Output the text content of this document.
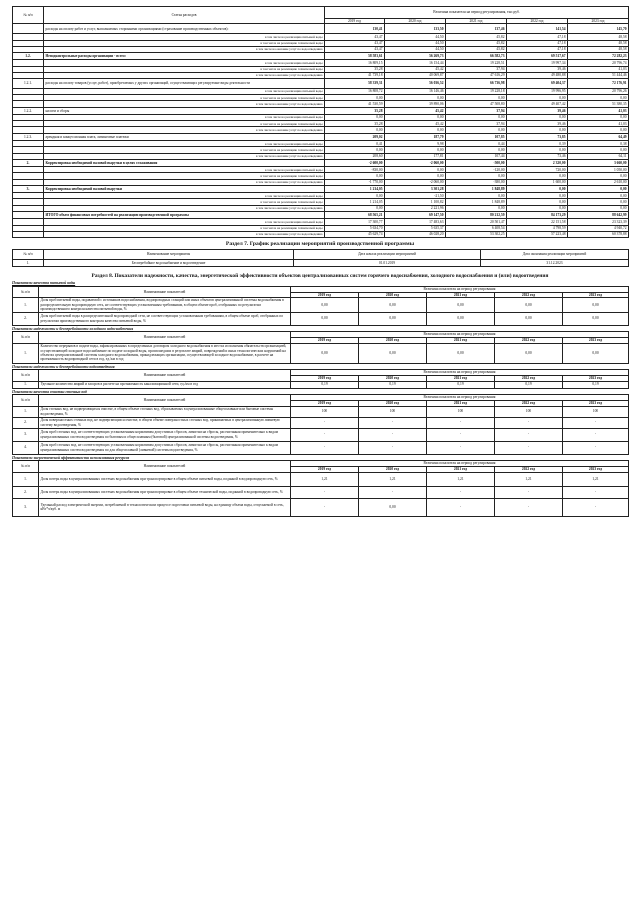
№ п/п	Статья расходов	Величина показателя на период регулирования, тыс.руб.				
		2019 год	2020 год	2021 год	2022 год	2023 год
	расходы на оплату работ и услуг, выполняемых сторонними организациями (страхование производственных объектов):	130,41	133,50	137,46	141,54	145,70
	в том числе на реализацию питьевой воды	43,47	44,50	45,82	47,18	48,58
	в том числе на реализацию технической воды	43,47	44,50	45,82	47,18	48,58
	в том числе на оказание услуг по водоотведению	43,47	44,50	45,82	47,18	48,58
1.2.	Неподконтрольные расходы организации - всего:	58 583,61	56 269,73	66 582,73	69 517,67	72 282,23
	в том числе на реализацию питьевой воды	16 809,15	16 154,44	19 228,51	19 997,34	20 796,74
	в том числе на реализацию технической воды	35,28	45,42	37,94	39,46	41,03
	в том числе на оказание услуг по водоотведению	41 739,18	40 069,87	47 616,29	49 480,88	51 444,46
1.2.1.	расходы на оплату товаров (услуг, работ), приобретаемых у других организаций, осуществляющих регулируемые виды деятельности	58 339,31	56 036,52	66 736,98	69 404,37	72 176,91
	в том числе на реализацию питьевой воды	16 808,72	16 146,46	19 228,18	19 996,95	20 796,26
	в том числе на реализацию технической воды	0,00	0,00	0,00	0,00	0,00
	в том числе на оказание услуг по водоотведению	41 530,59	39 890,06	47 508,80	49 407,42	51 380,35
1.2.2.	налоги и сборы	35,28	45,42	37,94	39,46	41,03
	в том числе на реализацию питьевой воды	0,00	0,00	0,00	0,00	0,00
	в том числе на реализацию технической воды	35,28	45,42	37,94	39,46	41,03
	в том числе на оказание услуг по водоотведению	0,00	0,00	0,00	0,00	0,00
1.2.3.	арендная и концессионная плата, лизинговые платежи	209,02	187,79	107,85	73,85	64,49
	в том числе на реализацию питьевой воды	0,41	9,98	0,44	0,39	0,38
	в том числе на реализацию технической воды	0,00	0,00	0,00	0,00	0,00
	в том числе на оказание услуг по водоотведению	208,60	177,81	107,44	73,46	64,11
2.	Корректировка необходимой валовой выручки в целях сглаживания	-2 600,00	-2 060,00	-500,00	2 320,00	3 660,00
	в том числе на реализацию питьевой воды	-830,00	0,00	-120,00	720,00	1 050,00
	в том числе на реализацию технической воды	0,00	0,00	0,00	0,00	0,00
	в том числе на оказание услуг по водоотведению	-1 770,00	-2 060,00	-380,00	1 600,00	2 610,00
3.	Корректировка необходимой валовой выручки	1 214,05	3 301,28	1 848,89	0,00	0,00
	в том числе на реализацию питьевой воды	0,00	-21,50	0,00	0,00	0,00
	в том числе на реализацию технической воды	1 214,05	1 100,82	1 848,89	0,00	0,00
	в том числе на оказание услуг по водоотведению	0,00	2 221,96	0,00	0,00	0,00
	ИТОГО объем финансовых потребностей на реализацию производственной программы	68 565,21	69 147,50	80 212,59	84 173,29	88 642,99
	в том числе на реализацию питьевой воды	17 300,77	17 483,63	20 501,47	22 151,58	23 323,39
	в том числе на реализацию технической воды	5 634,70	5 635,37	6 408,54	4 798,59	4 940,72
	в том числе на оказание услуг по водоотведению	45 629,74	46 028,20	53 302,25	57 223,48	60 378,88
Раздел 7. График реализации мероприятий производственной программы
№ п/п	Наименование мероприятия	Дата начала реализации мероприятий	Дата окончания реализации мероприятий
1.	Бесперебойное водоснабжение и водоотведение	01.01.2019	31.12.2023
Раздел 8. Показатели надежности, качества, энергетической эффективности объектов централизованных систем горячего водоснабжения, холодного водоснабжения и (или) водоотведения
Показатели качества питьевой воды
№ п/п	Наименование показателей	Величина показателя на период регулирования				
		2019 год	2020 год	2021 год	2022 год	2023 год
1.	Доля проб питьевой воды, подаваемой с источников водоснабжения, водопроводных станций или иных объектов централизованной системы водоснабжения в распределительную водопроводную сеть, не соответствующих установленным требованиям, в общем объеме проб, отобранных по результатам производственного контроля качества питьевой воды, %	0,00	0,00	0,00	0,00	0,00
2.	Доля проб питьевой воды в распределительной водопроводной сети, не соответствующих установленным требованиям, в общем объеме проб, отобранных по результатам производственного контроля качества питьевой воды, %	0,00	0,00	0,00	0,00	0,00
Показатели надежности и бесперебойности холодного водоснабжения
№ п/п	Наименование показателей	Величина показателя на период регулирования				
		2019 год	2020 год	2021 год	2022 год	2023 год
1.	Количество перерывов в подаче воды, зафиксированных в определенных договором холодного водоснабжения в местах исполнения обязательств организацией, осуществляющей холодное водоснабжение по подаче холодной воды, произошедших в результате аварий, повреждений и иных технологических нарушений на объектах централизованной системы холодного водоснабжения, принадлежащих организации, осуществляющей холодное водоснабжение, в расчете на протяженность водопроводной сети в год, ед./км в год	0,00	0,00	0,00	0,00	0,00
Показатели надежности и бесперебойности водоотведения
№ п/п	Наименование показателей	Величина показателя на период регулирования				
		2019 год	2020 год	2021 год	2022 год	2023 год
1.	Удельное количество аварий и засоров в расчете на протяженность канализационной сети, ед./км в год	0,19	0,19	0,19	0,19	0,19
Показатели качества очистки сточных вод
№ п/п	Наименование показателей	Величина показателя на период регулирования				
		2019 год	2020 год	2021 год	2022 год	2023 год
1.	Доля сточных вод, не подвергающихся очистке, в общем объеме сточных вод, сбрасываемых в централизованные общесплавные или бытовые системы водоотведения, %	100	100	100	100	100
2.	Доля поверхностных сточных вод, не подвергающихся очистке, в общем объеме поверхностных сточных вод, принимаемых в централизованную ливневую систему водоотведения, %	-	-	-	-	-
3.	Доля проб сточных вод, не соответствующих установленным нормативам допустимых сбросов, лимитам на сбросы, рассчитанная применительно к видам централизованных систем водоотведения по бытовым и общесплавным (бытовой) централизованной системы водоотведения, %	-	-	-	-	-
4.	Доля проб сточных вод, не соответствующих установленным нормативам допустимых сбросов, лимитам на сбросы, рассчитанная применительно к видам централизованных систем водоотведения по для общесплавной (ливневой) системы водоотведения, %	-	-	-	-	-
Показатели энергетической эффективности использования ресурсов
№ п/п	Наименование показателей	Величина показателя на период регулирования				
		2019 год	2020 год	2021 год	2022 год	2023 год
1.	Доля потерь воды в централизованных системах водоснабжения при транспортировке в общем объеме питьевой воды, поданной в водопроводную сеть, %	1,21	1,21	1,21	1,21	1,21
2.	Доля потерь воды в централизованных системах водоснабжения при транспортировке в общем объеме технической воды, поданной в водопроводную сеть, %	-	-	-	-	-
3.	Удельный расход электрической энергии, потребляемой в технологическом процессе подготовки питьевой воды, на единицу объема воды, отпускаемой в сеть, кВт*ч/куб. м	-	0,00	-	-	-
